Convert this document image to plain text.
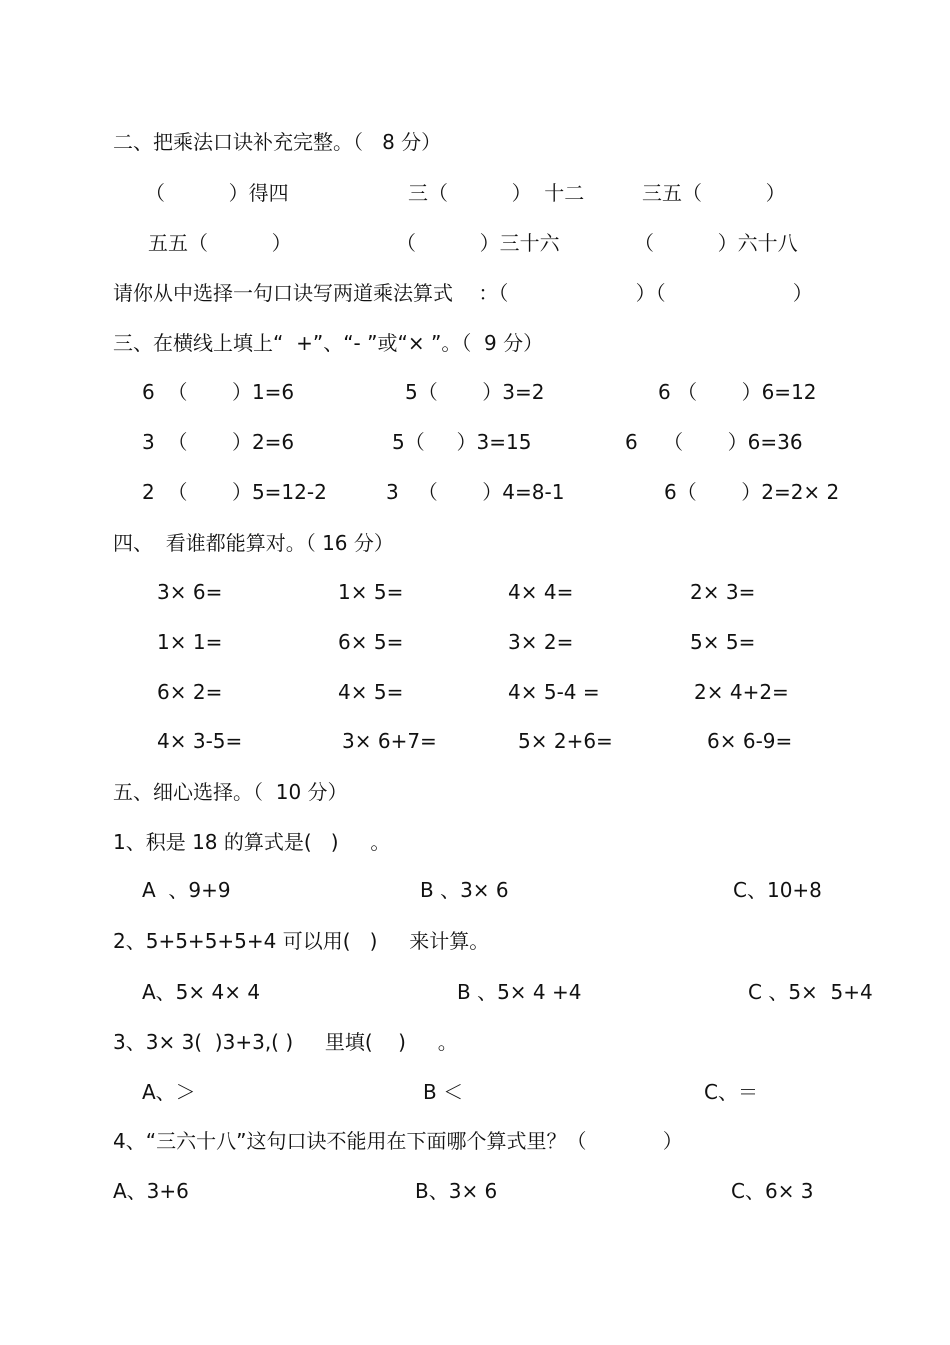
二、把乘法口诀补充完整。（   8 分）
（          ）得四	三（          ）  十二	三五（          ）
五五（          ）	（          ）三十六	（          ）六十八
请你从中选择一句口诀写两道乘法算式    ：（                    ）（                    ）
三、在横线上填上“  +”、“- ”或“× ”。（  9 分）
6  （       ）1=6	5（       ）3=2	6 （       ）6=12
3  （       ）2=6	5（     ）3=15	6    （       ）6=36
2  （       ）5=12-2	3   （       ）4=8-1	6（       ）2=2× 2
四、  看谁都能算对。（ 16 分）
3× 6=	1× 5=	4× 4=	2× 3=
1× 1=	6× 5=	3× 2=	5× 5=
6× 2=	4× 5=	4× 5-4 =	2× 4+2=
4× 3-5=	3× 6+7=	5× 2+6=	6× 6-9=
五、细心选择。（  10 分）
1、积是 18 的算式是(   )     。
A  、9+9	B 、3× 6	C、10+8
2、5+5+5+5+4 可以用(   )     来计算。
A、5× 4× 4	B 、5× 4 +4	C 、5×  5+4
3、3× 3(  )3+3,( )     里填(    )     。
A、＞	B ＜	C、＝
4、“三六十八”这句口诀不能用在下面哪个算式里？（            ）
A、3+6	B、3× 6	C、6× 3
